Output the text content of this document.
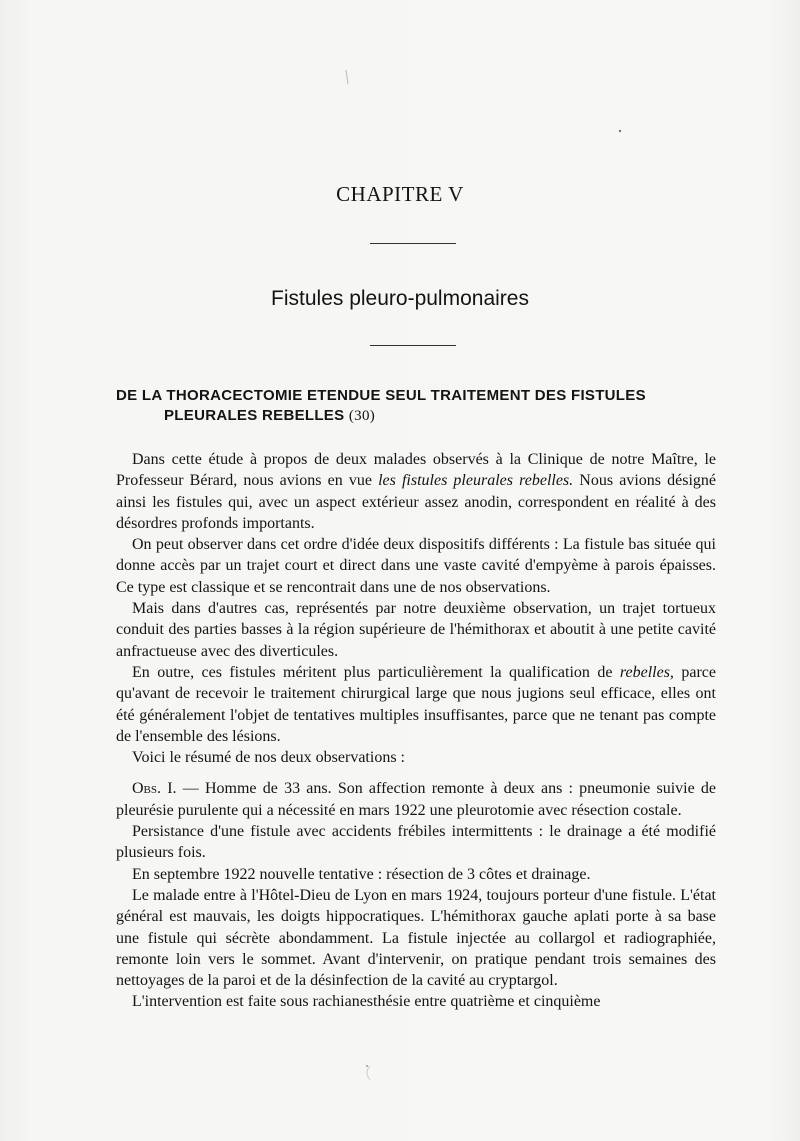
CHAPITRE V
Fistules pleuro-pulmonaires
DE LA THORACECTOMIE ETENDUE SEUL TRAITEMENT DES FISTULES
PLEURALES REBELLES (30)

Dans cette étude à propos de deux malades observés à la Clinique de notre Maître, le Professeur Bérard, nous avions en vue les fistules pleurales rebelles. Nous avions désigné ainsi les fistules qui, avec un aspect extérieur assez anodin, correspondent en réalité à des désordres profonds importants.

On peut observer dans cet ordre d'idée deux dispositifs différents : La fistule bas située qui donne accès par un trajet court et direct dans une vaste cavité d'empyème à parois épaisses. Ce type est classique et se rencontrait dans une de nos observations.

Mais dans d'autres cas, représentés par notre deuxième observation, un trajet tortueux conduit des parties basses à la région supérieure de l'hémithorax et aboutit à une petite cavité anfractueuse avec des diverticules.

En outre, ces fistules méritent plus particulièrement la qualification de rebelles, parce qu'avant de recevoir le traitement chirurgical large que nous jugions seul efficace, elles ont été généralement l'objet de tentatives multiples insuffisantes, parce que ne tenant pas compte de l'ensemble des lésions.

Voici le résumé de nos deux observations :

Obs. I. — Homme de 33 ans. Son affection remonte à deux ans : pneumonie suivie de pleurésie purulente qui a nécessité en mars 1922 une pleurotomie avec résection costale.

Persistance d'une fistule avec accidents frébiles intermittents : le drainage a été modifié plusieurs fois.

En septembre 1922 nouvelle tentative : résection de 3 côtes et drainage.

Le malade entre à l'Hôtel-Dieu de Lyon en mars 1924, toujours porteur d'une fistule. L'état général est mauvais, les doigts hippocratiques. L'hémithorax gauche aplati porte à sa base une fistule qui sécrète abondamment. La fistule injectée au collargol et radiographiée, remonte loin vers le sommet. Avant d'intervenir, on pratique pendant trois semaines des nettoyages de la paroi et de la désinfection de la cavité au cryptargol.

L'intervention est faite sous rachianesthésie entre quatrième et cinquième
